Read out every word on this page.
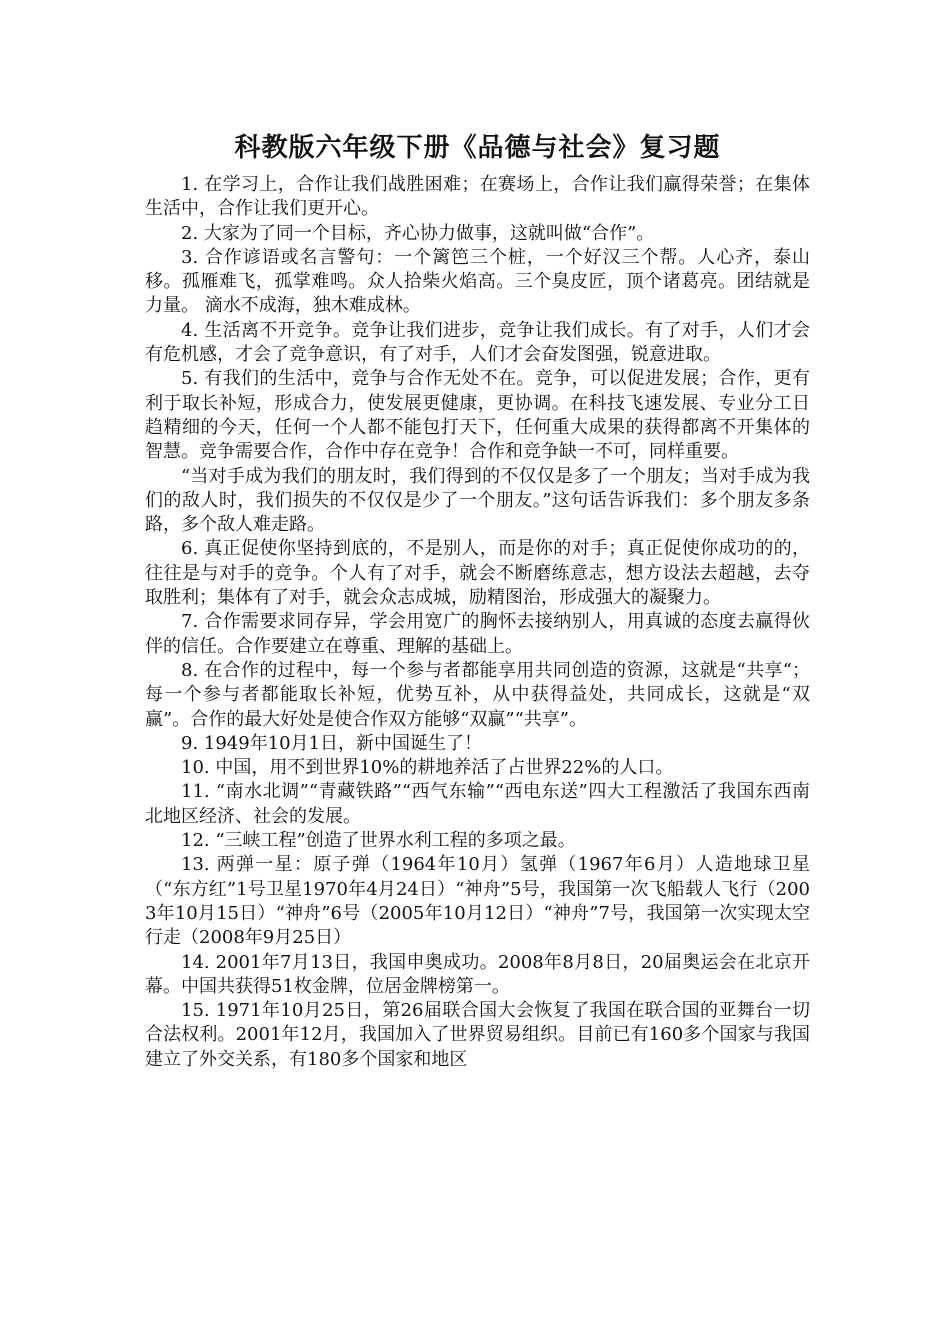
科教版六年级下册《品德与社会》复习题

1. 在学习上，合作让我们战胜困难；在赛场上，合作让我们赢得荣誉；在集体生活中，合作让我们更开心。

2. 大家为了同一个目标，齐心协力做事，这就叫做“合作”。

3. 合作谚语或名言警句：一个篱笆三个桩，一个好汉三个帮。人心齐，泰山移。孤雁难飞，孤掌难鸣。众人拾柴火焰高。三个臭皮匠，顶个诸葛亮。团结就是力量。 滴水不成海，独木难成林。

4. 生活离不开竞争。竞争让我们进步，竞争让我们成长。有了对手，人们才会有危机感，才会了竞争意识，有了对手，人们才会奋发图强，锐意进取。

5. 有我们的生活中，竞争与合作无处不在。竞争，可以促进发展；合作，更有利于取长补短，形成合力，使发展更健康，更协调。在科技飞速发展、专业分工日趋精细的今天，任何一个人都不能包打天下，任何重大成果的获得都离不开集体的智慧。竞争需要合作，合作中存在竞争！合作和竞争缺一不可，同样重要。

“当对手成为我们的朋友时，我们得到的不仅仅是多了一个朋友；当对手成为我们的敌人时，我们损失的不仅仅是少了一个朋友。”这句话告诉我们：多个朋友多条路，多个敌人难走路。

6. 真正促使你坚持到底的，不是别人，而是你的对手；真正促使你成功的的，往往是与对手的竞争。个人有了对手，就会不断磨练意志，想方设法去超越，去夺取胜利；集体有了对手，就会众志成城，励精图治，形成强大的凝聚力。

7. 合作需要求同存异，学会用宽广的胸怀去接纳别人，用真诚的态度去赢得伙伴的信任。合作要建立在尊重、理解的基础上。

8. 在合作的过程中，每一个参与者都能享用共同创造的资源，这就是“共享“；每一个参与者都能取长补短，优势互补，从中获得益处，共同成长，这就是“双赢”。合作的最大好处是使合作双方能够“双赢”“共享”。

9. 1949年10月1日，新中国诞生了！

10. 中国，用不到世界10%的耕地养活了占世界22%的人口。

11. “南水北调”“青藏铁路”“西气东输”“西电东送”四大工程激活了我国东西南北地区经济、社会的发展。

12. “三峡工程”创造了世界水利工程的多项之最。

13. 两弹一星：原子弹（1964年10月）氢弹（1967年6月）人造地球卫星（“东方红”1号卫星1970年4月24日）“神舟”5号，我国第一次飞船载人飞行（2003年10月15日）“神舟”6号（2005年10月12日）“神舟”7号，我国第一次实现太空行走（2008年9月25日）

14. 2001年7月13日，我国申奥成功。2008年8月8日，20届奥运会在北京开幕。中国共获得51枚金牌，位居金牌榜第一。

15. 1971年10月25日，第26届联合国大会恢复了我国在联合国的亚舞台一切合法权利。2001年12月，我国加入了世界贸易组织。目前已有160多个国家与我国建立了外交关系，有180多个国家和地区
